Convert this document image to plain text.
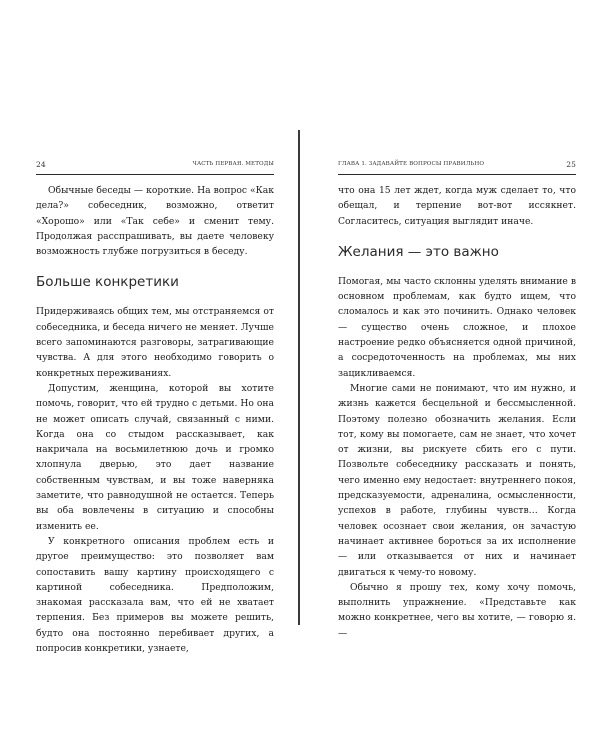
24	ЧАСТЬ ПЕРВАЯ. МЕТОДЫ

Обычные беседы — короткие. На вопрос «Как дела?» собеседник, возможно, ответит «Хорошо» или «Так себе» и сменит тему. Продолжая расспрашивать, вы даете человеку возможность глубже погрузиться в беседу.

Больше конкретики

Придерживаясь общих тем, мы отстраняемся от собеседника, и беседа ничего не меняет. Лучше всего запоминаются разговоры, затрагивающие чувства. А для этого необходимо говорить о конкретных переживаниях.

Допустим, женщина, которой вы хотите помочь, говорит, что ей трудно с детьми. Но она не может описать случай, связанный с ними. Когда она со стыдом рассказывает, как накричала на восьмилетнюю дочь и громко хлопнула дверью, это дает название собственным чувствам, и вы тоже наверняка заметите, что равнодушной не остается. Теперь вы оба вовлечены в ситуацию и способны изменить ее.

У конкретного описания проблем есть и другое преимущество: это позволяет вам сопоставить вашу картину происходящего с картиной собеседника. Предположим, знакомая рассказала вам, что ей не хватает терпения. Без примеров вы можете решить, будто она постоянно перебивает других, а попросив конкретики, узнаете,

ГЛАВА 1. ЗАДАВАЙТЕ ВОПРОСЫ ПРАВИЛЬНО	25

что она 15 лет ждет, когда муж сделает то, что обещал, и терпение вот-вот иссякнет. Согласитесь, ситуация выглядит иначе.

Желания — это важно

Помогая, мы часто склонны уделять внимание в основном проблемам, как будто ищем, что сломалось и как это починить. Однако человек — существо очень сложное, и плохое настроение редко объясняется одной причиной, а сосредоточенность на проблемах, мы них зацикливаемся.

Многие сами не понимают, что им нужно, и жизнь кажется бесцельной и бессмысленной. Поэтому полезно обозначить желания. Если тот, кому вы помогаете, сам не знает, что хочет от жизни, вы рискуете сбить его с пути. Позвольте собеседнику рассказать и понять, чего именно ему недостает: внутреннего покоя, предсказуемости, адреналина, осмысленности, успехов в работе, глубины чувств… Когда человек осознает свои желания, он зачастую начинает активнее бороться за их исполнение — или отказывается от них и начинает двигаться к чему-то новому.

Обычно я прошу тех, кому хочу помочь, выполнить упражнение. «Представьте как можно конкретнее, чего вы хотите, — говорю я. —
